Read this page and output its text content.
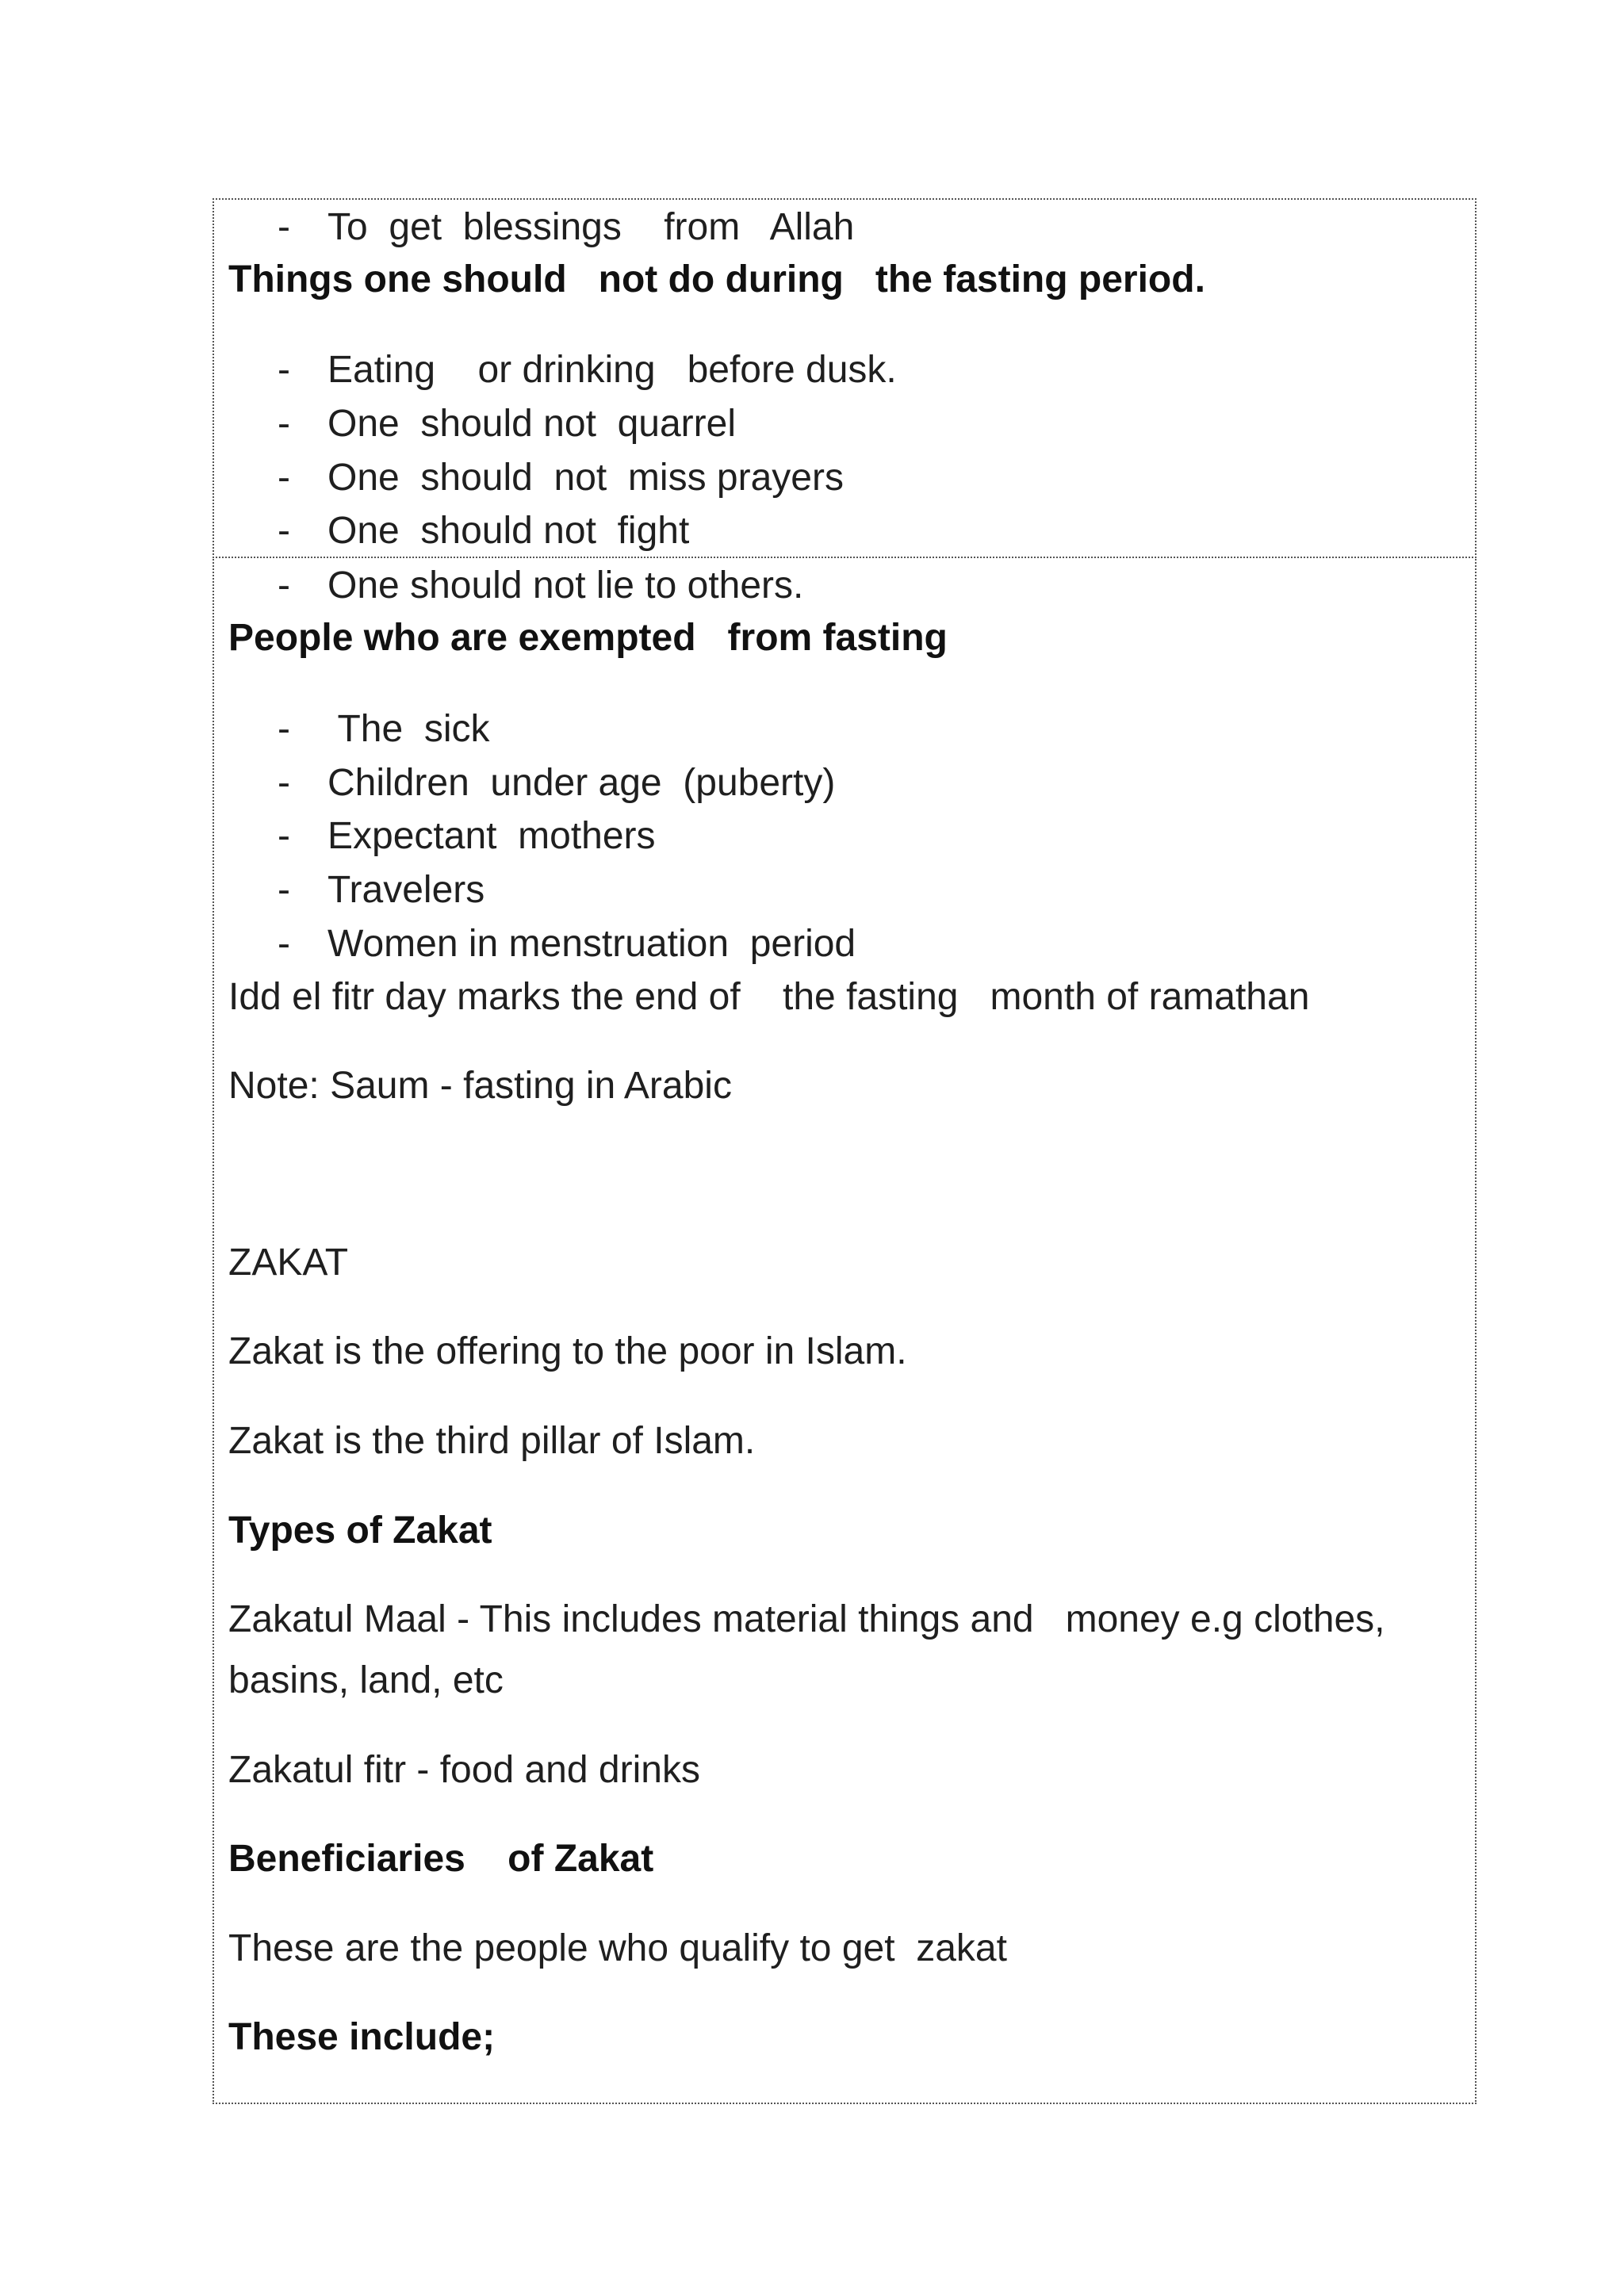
- To  get  blessings    from   Allah
Things one should   not do during   the fasting period.
- Eating    or drinking   before dusk.
- One  should not  quarrel
- One  should  not  miss prayers
- One  should not  fight
- One should not lie to others.
People who are exempted   from fasting
- The  sick
- Children  under age  (puberty)
- Expectant  mothers
- Travelers
- Women in menstruation  period
Idd el fitr day marks the end of    the fasting   month of ramathan
Note: Saum - fasting in Arabic
ZAKAT
Zakat is the offering to the poor in Islam.
Zakat is the third pillar of Islam.
Types of Zakat
Zakatul Maal - This includes material things and   money e.g clothes,
basins, land, etc
Zakatul fitr - food and drinks
Beneficiaries    of Zakat
These are the people who qualify to get  zakat
These include;
